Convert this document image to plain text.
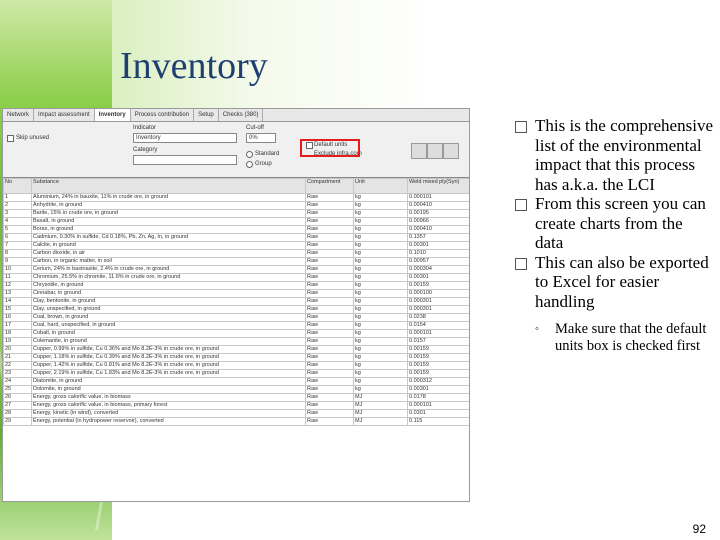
Inventory
Network	Impact assessment	Inventory	Process contribution	Setup	Checks (380)
Skip unused
Indicator
Inventory
Category
Cut-off
0%
Standard
Group
Default units
Exclude infra.com
No	Substance	Compartment	Unit	Weld mixed ply(Syn)
1	Aluminium, 24% in bauxite, 11% in crude ore, in ground	Raw	kg	0.000101
2	Anhydrite, in ground	Raw	kg	0.000410
3	Barite, 15% in crude ore, in ground	Raw	kg	0.00195
4	Basalt, in ground	Raw	kg	0.00966
5	Borax, in ground	Raw	kg	0.000410
6	Cadmium, 0.30% in sulfide, Cd 0.18%, Pb, Zn, Ag, In, in ground	Raw	kg	0.1357
7	Calcite, in ground	Raw	kg	0.00301
8	Carbon dioxide, in air	Raw	kg	0.1010
9	Carbon, in organic matter, in soil	Raw	kg	0.00957
10	Cerium, 24% in bastnasite, 2.4% in crude ore, in ground	Raw	kg	0.000304
11	Chromium, 25.5% in chromite, 11.6% in crude ore, in ground	Raw	kg	0.00301
12	Chrysotile, in ground	Raw	kg	0.00159
13	Cinnabar, in ground	Raw	kg	0.000100
14	Clay, bentonite, in ground	Raw	kg	0.000301
15	Clay, unspecified, in ground	Raw	kg	0.000301
16	Coal, brown, in ground	Raw	kg	0.0238
17	Coal, hard, unspecified, in ground	Raw	kg	0.0154
18	Cobalt, in ground	Raw	kg	0.000101
19	Colemanite, in ground	Raw	kg	0.0157
20	Copper, 0.99% in sulfide, Cu 0.36% and Mo 8.2E-3% in crude ore, in ground	Raw	kg	0.00159
21	Copper, 1.18% in sulfide, Cu 0.39% and Mo 8.2E-3% in crude ore, in ground	Raw	kg	0.00159
22	Copper, 1.42% in sulfide, Cu 0.81% and Mo 8.2E-3% in crude ore, in ground	Raw	kg	0.00159
23	Copper, 2.19% in sulfide, Cu 1.83% and Mo 8.2E-3% in crude ore, in ground	Raw	kg	0.00159
24	Diatomite, in ground	Raw	kg	0.000312
25	Dolomite, in ground	Raw	kg	0.00301
26	Energy, gross calorific value, in biomass	Raw	MJ	0.0178
27	Energy, gross calorific value, in biomass, primary forest	Raw	MJ	0.000101
28	Energy, kinetic (in wind), converted	Raw	MJ	0.0301
29	Energy, potential (in hydropower reservoir), converted	Raw	MJ	0.115
This is the comprehensive list of the environmental impact that this process has a.k.a. the LCI
From this screen you can create charts from the data
This can also be exported to Excel for easier handling
◦ Make sure that the default units box is checked first
92
